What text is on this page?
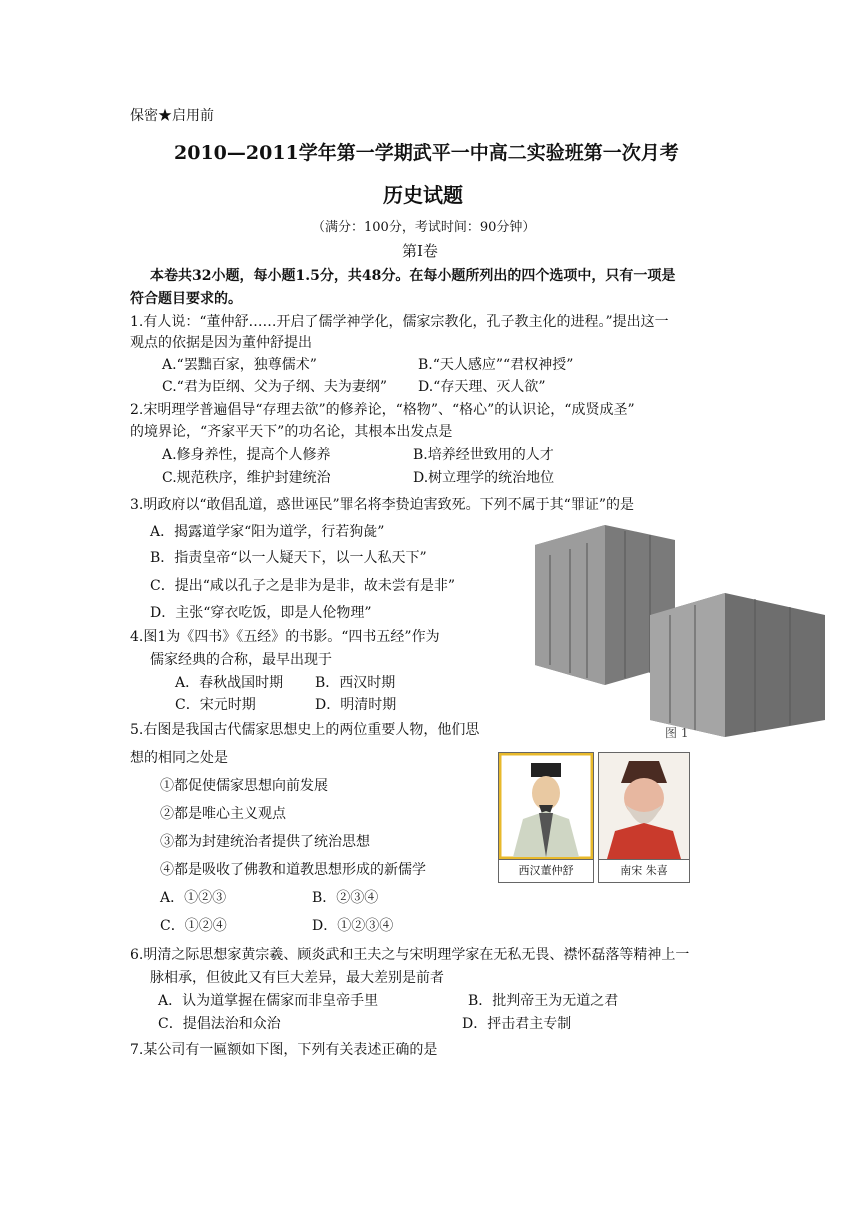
保密★启用前
2010—2011学年第一学期武平一中高二实验班第一次月考
历史试题
（满分：100分，考试时间：90分钟）
第Ⅰ卷
本卷共32小题，每小题1.5分，共48分。在每小题所列出的四个选项中，只有一项是
符合题目要求的。
1.有人说：“董仲舒……开启了儒学神学化，儒家宗教化，孔子教主化的进程。”提出这一
观点的依据是因为董仲舒提出
A.“罢黜百家，独尊儒术”	B.“天人感应”“君权神授”
C.“君为臣纲、父为子纲、夫为妻纲” D.“存天理、灭人欲”
2.宋明理学普遍倡导“存理去欲”的修养论，“格物”、“格心”的认识论，“成贤成圣”
的境界论，“齐家平天下”的功名论，其根本出发点是
A.修身养性，提高个人修养	B.培养经世致用的人才
C.规范秩序，维护封建统治	D.树立理学的统治地位
3.明政府以“敢倡乱道，惑世诬民”罪名将李贽迫害致死。下列不属于其“罪证”的是
A．揭露道学家“阳为道学，行若狗彘”
B．指责皇帝“以一人疑天下，以一人私天下”
C．提出“咸以孔子之是非为是非，故未尝有是非”
D．主张“穿衣吃饭，即是人伦物理”
图 1
4.图1为《四书》《五经》的书影。“四书五经”作为
儒家经典的合称，最早出现于
A．春秋战国时期 B．西汉时期
C．宋元时期	D．明清时期
5.右图是我国古代儒家思想史上的两位重要人物，他们思
想的相同之处是
①都促使儒家思想向前发展
②都是唯心主义观点
③都为封建统治者提供了统治思想
④都是吸收了佛教和道教思想形成的新儒学
A．①②③	B．②③④
C．①②④	D．①②③④
西汉董仲舒	南宋 朱喜
6.明清之际思想家黄宗羲、顾炎武和王夫之与宋明理学家在无私无畏、襟怀磊落等精神上一
脉相承，但彼此又有巨大差异，最大差别是前者
A．认为道掌握在儒家而非皇帝手里	B．批判帝王为无道之君
C．提倡法治和众治	D．抨击君主专制
7.某公司有一匾额如下图，下列有关表述正确的是
